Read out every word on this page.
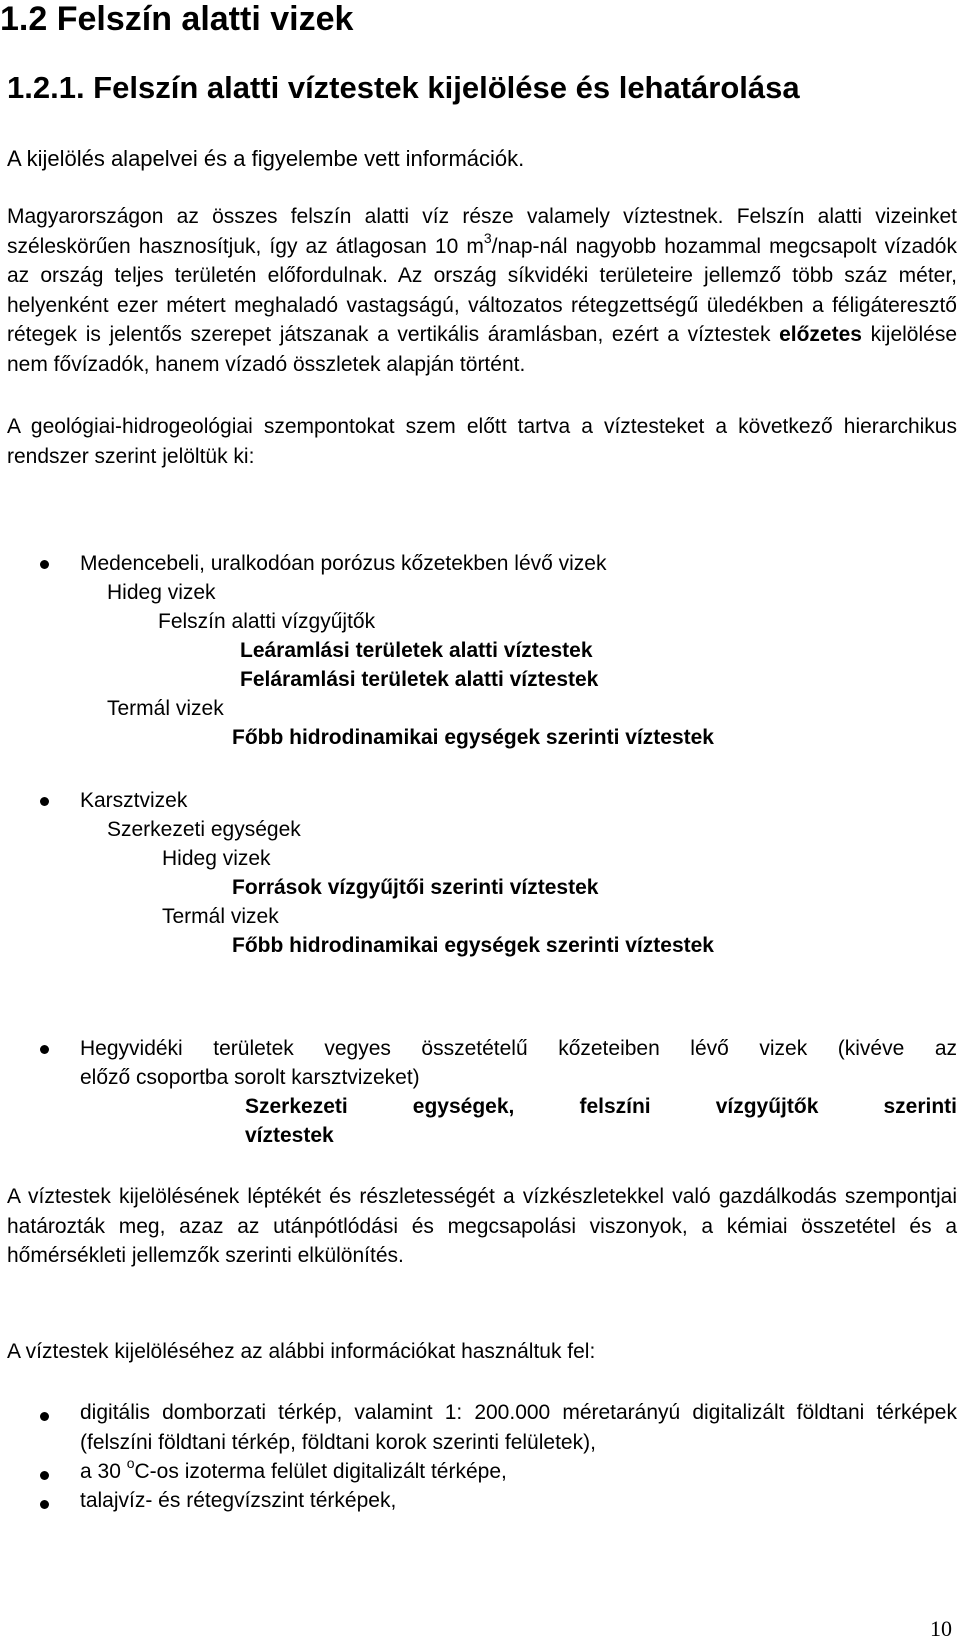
1.2 Felszín alatti vizek
1.2.1. Felszín alatti víztestek kijelölése és lehatárolása
A kijelölés alapelvei és a figyelembe vett információk.

Magyarországon az összes felszín alatti víz része valamely víztestnek. Felszín alatti vizeinket széleskörűen hasznosítjuk, így az átlagosan 10 $m^3/nap$-nál nagyobb hozammal megcsapolt vízadók az ország teljes területén előfordulnak. Az ország síkvidéki területeire jellemző több száz méter, helyenként ezer métert meghaladó vastagságú, változatos rétegzettségű üledékben a féligáteresztő rétegek is jelentős szerepet játszanak a vertikális áramlásban, ezért a víztestek előzetes kijelölése nem fővízadók, hanem vízadó összletek alapján történt.

A geológiai-hidrogeológiai szempontokat szem előtt tartva a víztesteket a következő hierarchikus rendszer szerint jelöltük ki:

Medencebeli, uralkodóan porózus kőzetekben lévő vizek
Hideg vizek
Felszín alatti vízgyűjtők
Leáramlási területek alatti víztestek
Feláramlási területek alatti víztestek
Termál vizek
Főbb hidrodinamikai egységek szerinti víztestek
Karsztvizek
Szerkezeti egységek
Hideg vizek
Források vízgyűjtői szerinti víztestek
Termál vizek
Főbb hidrodinamikai egységek szerinti víztestek
Hegyvidéki területek vegyes összetételű kőzeteiben lévő vizek (kivéve az
előző csoportba sorolt karsztvizeket)
Szerkezeti egységek, felszíni vízgyűjtők szerinti
víztestek

A víztestek kijelölésének léptékét és részletességét a vízkészletekkel való gazdálkodás szempontjai határozták meg, azaz az utánpótlódási és megcsapolási viszonyok, a kémiai összetétel és a hőmérsékleti jellemzők szerinti elkülönítés.

A víztestek kijelöléséhez az alábbi információkat használtuk fel:

digitális domborzati térkép, valamint 1: 200.000 méretarányú digitalizált földtani térképek (felszíni földtani térkép, földtani korok szerinti felületek),

a 30 $^o$C-os izoterma felület digitalizált térképe,
talajvíz- és rétegvízszint térképek,
10
